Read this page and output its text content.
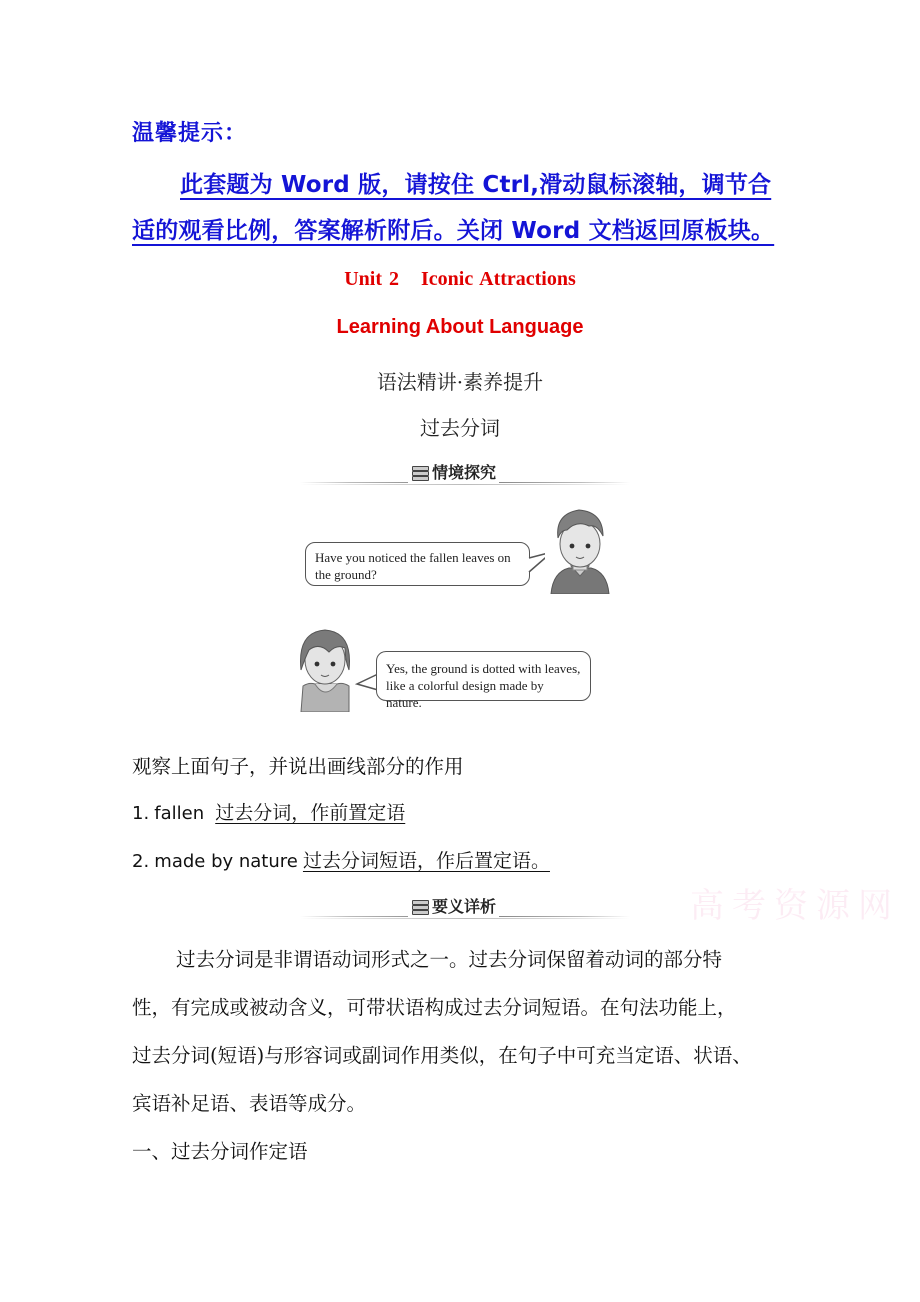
温馨提示：
此套题为 Word 版，请按住 Ctrl,滑动鼠标滚轴，调节合
适的观看比例，答案解析附后。关闭 Word 文档返回原板块。
Unit 2 Iconic Attractions
Learning About Language
语法精讲·素养提升
过去分词
情境探究
Have you noticed the fallen leaves on the ground?
Yes, the ground is dotted with leaves, like a colorful design made by nature.
观察上面句子，并说出画线部分的作用
1. fallen 过去分词，作前置定语
2. made by nature 过去分词短语，作后置定语。
要义详析	高考资源网
过去分词是非谓语动词形式之一。过去分词保留着动词的部分特
性，有完成或被动含义，可带状语构成过去分词短语。在句法功能上，
过去分词(短语)与形容词或副词作用类似，在句子中可充当定语、状语、
宾语补足语、表语等成分。
一、过去分词作定语
